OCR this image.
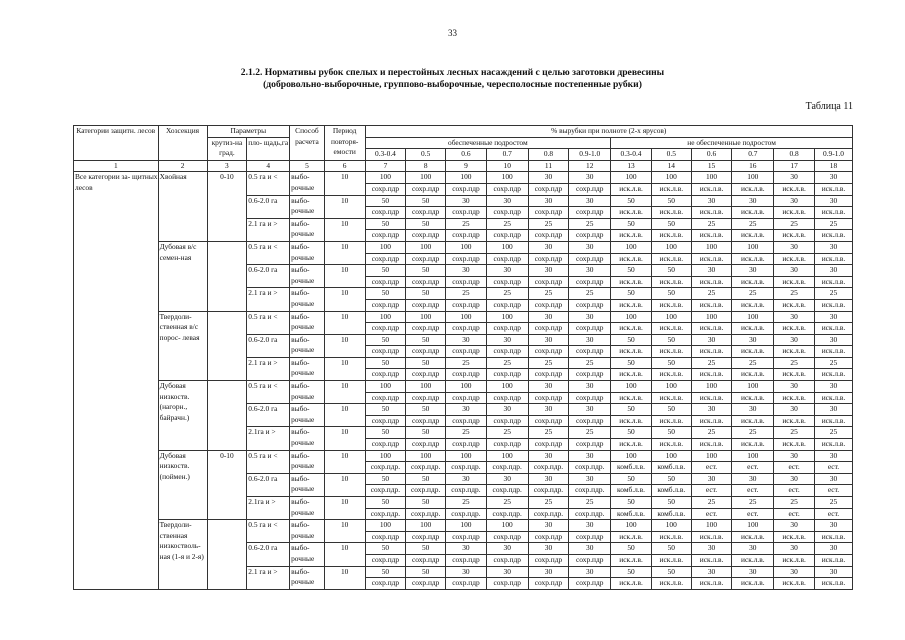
33
2.1.2. Нормативы рубок спелых и перестойных лесных насаждений с целью заготовки древесины
(добровольно-выборочные, группово-выборочные, чересполосные постепенные рубки)
Таблица 11
Категории защитн. лесов	Хозсекция	Параметры		Способ расчета	Период повторя- емости	% вырубки при полноте (2-х ярусов)											
		крутиз-на град.	пло- щадь,га			обеспеченные подростом						не обеспеченные подростом					
						0.3-0.4	0.5	0.6	0.7	0.8	0.9-1.0	0.3-0.4	0.5	0.6	0.7	0.8	0.9-1.0
1	2	3	4	5	6	7	8	9	10	11	12	13	14	15	16	17	18
Все категории за- щитных лесов	Хвойная	0-10	0.5 га и <	выбо- рочные	10	100	100	100	100	30	30	100	100	100	100	30	30
						сохр.пдр	сохр.пдр	сохр.пдр	сохр.пдр	сохр.пдр	сохр.пдр	иск.л.в.	иск.л.в.	иск.л.в.	иск.л.в.	иск.л.в.	иск.л.в.
			0.6-2.0 га	выбо- рочные	10	50	50	30	30	30	30	50	50	30	30	30	30
						сохр.пдр	сохр.пдр	сохр.пдр	сохр.пдр	сохр.пдр	сохр.пдр	иск.л.в.	иск.л.в.	иск.л.в.	иск.л.в.	иск.л.в.	иск.л.в.
			2.1 га и >	выбо- рочные	10	50	50	25	25	25	25	50	50	25	25	25	25
						сохр.пдр	сохр.пдр	сохр.пдр	сохр.пдр	сохр.пдр	сохр.пдр	иск.л.в.	иск.л.в.	иск.л.в.	иск.л.в.	иск.л.в.	иск.л.в.
	Дубовая в/с семен-ная		0.5 га и <	выбо- рочные	10	100	100	100	100	30	30	100	100	100	100	30	30
						сохр.пдр	сохр.пдр	сохр.пдр	сохр.пдр	сохр.пдр	сохр.пдр	иск.л.в.	иск.л.в.	иск.л.в.	иск.л.в.	иск.л.в.	иск.л.в.
			0.6-2.0 га	выбо- рочные	10	50	50	30	30	30	30	50	50	30	30	30	30
						сохр.пдр	сохр.пдр	сохр.пдр	сохр.пдр	сохр.пдр	сохр.пдр	иск.л.в.	иск.л.в.	иск.л.в.	иск.л.в.	иск.л.в.	иск.л.в.
			2.1 га и >	выбо- рочные	10	50	50	25	25	25	25	50	50	25	25	25	25
						сохр.пдр	сохр.пдр	сохр.пдр	сохр.пдр	сохр.пдр	сохр.пдр	иск.л.в.	иск.л.в.	иск.л.в.	иск.л.в.	иск.л.в.	иск.л.в.
	Твердоли- ственная в/с порос- левая		0.5 га и <	выбо- рочные	10	100	100	100	100	30	30	100	100	100	100	30	30
						сохр.пдр	сохр.пдр	сохр.пдр	сохр.пдр	сохр.пдр	сохр.пдр	иск.л.в.	иск.л.в.	иск.л.в.	иск.л.в.	иск.л.в.	иск.л.в.
			0.6-2.0 га	выбо- рочные	10	50	50	30	30	30	30	50	50	30	30	30	30
						сохр.пдр	сохр.пдр	сохр.пдр	сохр.пдр	сохр.пдр	сохр.пдр	иск.л.в.	иск.л.в.	иск.л.в.	иск.л.в.	иск.л.в.	иск.л.в.
			2.1 га и >	выбо- рочные	10	50	50	25	25	25	25	50	50	25	25	25	25
						сохр.пдр	сохр.пдр	сохр.пдр	сохр.пдр	сохр.пдр	сохр.пдр	иск.л.в.	иск.л.в.	иск.л.в.	иск.л.в.	иск.л.в.	иск.л.в.
	Дубовая низкоств. (нагорн., байрачн.)		0.5 га и <	выбо- рочные	10	100	100	100	100	30	30	100	100	100	100	30	30
						сохр.пдр	сохр.пдр	сохр.пдр	сохр.пдр	сохр.пдр	сохр.пдр	иск.л.в.	иск.л.в.	иск.л.в.	иск.л.в.	иск.л.в.	иск.л.в.
			0.6-2.0 га	выбо- рочные	10	50	50	30	30	30	30	50	50	30	30	30	30
						сохр.пдр	сохр.пдр	сохр.пдр	сохр.пдр	сохр.пдр	сохр.пдр	иск.л.в.	иск.л.в.	иск.л.в.	иск.л.в.	иск.л.в.	иск.л.в.
			2.1га и >	выбо- рочные	10	50	50	25	25	25	25	50	50	25	25	25	25
						сохр.пдр	сохр.пдр	сохр.пдр	сохр.пдр	сохр.пдр	сохр.пдр	иск.л.в.	иск.л.в.	иск.л.в.	иск.л.в.	иск.л.в.	иск.л.в.
	Дубовая низкоств. (поймен.)	0-10	0.5 га и <	выбо- рочные	10	100	100	100	100	30	30	100	100	100	100	30	30
						сохр.пдр.	сохр.пдр.	сохр.пдр.	сохр.пдр.	сохр.пдр.	сохр.пдр.	комб.л.в.	комб.л.в.	ест.	ест.	ест.	ест.
			0.6-2.0 га	выбо- рочные	10	50	50	30	30	30	30	50	50	30	30	30	30
						сохр.пдр.	сохр.пдр.	сохр.пдр.	сохр.пдр.	сохр.пдр.	сохр.пдр.	комб.л.в.	комб.л.в.	ест.	ест.	ест.	ест.
			2.1га и >	выбо- рочные	10	50	50	25	25	25	25	50	50	25	25	25	25
						сохр.пдр.	сохр.пдр.	сохр.пдр.	сохр.пдр.	сохр.пдр.	сохр.пдр.	комб.л.в.	комб.л.в.	ест.	ест.	ест.	ест.
	Твердоли- ственная низкостволь-ная (1-я и 2-я)		0.5 га и <	выбо- рочные	10	100	100	100	100	30	30	100	100	100	100	30	30
						сохр.пдр	сохр.пдр	сохр.пдр	сохр.пдр	сохр.пдр	сохр.пдр	иск.л.в.	иск.л.в.	иск.л.в.	иск.л.в.	иск.л.в.	иск.л.в.
			0.6-2.0 га	выбо- рочные	10	50	50	30	30	30	30	50	50	30	30	30	30
						сохр.пдр	сохр.пдр	сохр.пдр	сохр.пдр	сохр.пдр	сохр.пдр	иск.л.в.	иск.л.в.	иск.л.в.	иск.л.в.	иск.л.в.	иск.л.в.
			2.1 га и >	выбо- рочные	10	50	50	30	30	30	30	50	50	30	30	30	30
						сохр.пдр	сохр.пдр	сохр.пдр	сохр.пдр	сохр.пдр	сохр.пдр	иск.л.в.	иск.л.в.	иск.л.в.	иск.л.в.	иск.л.в.	иск.л.в.
